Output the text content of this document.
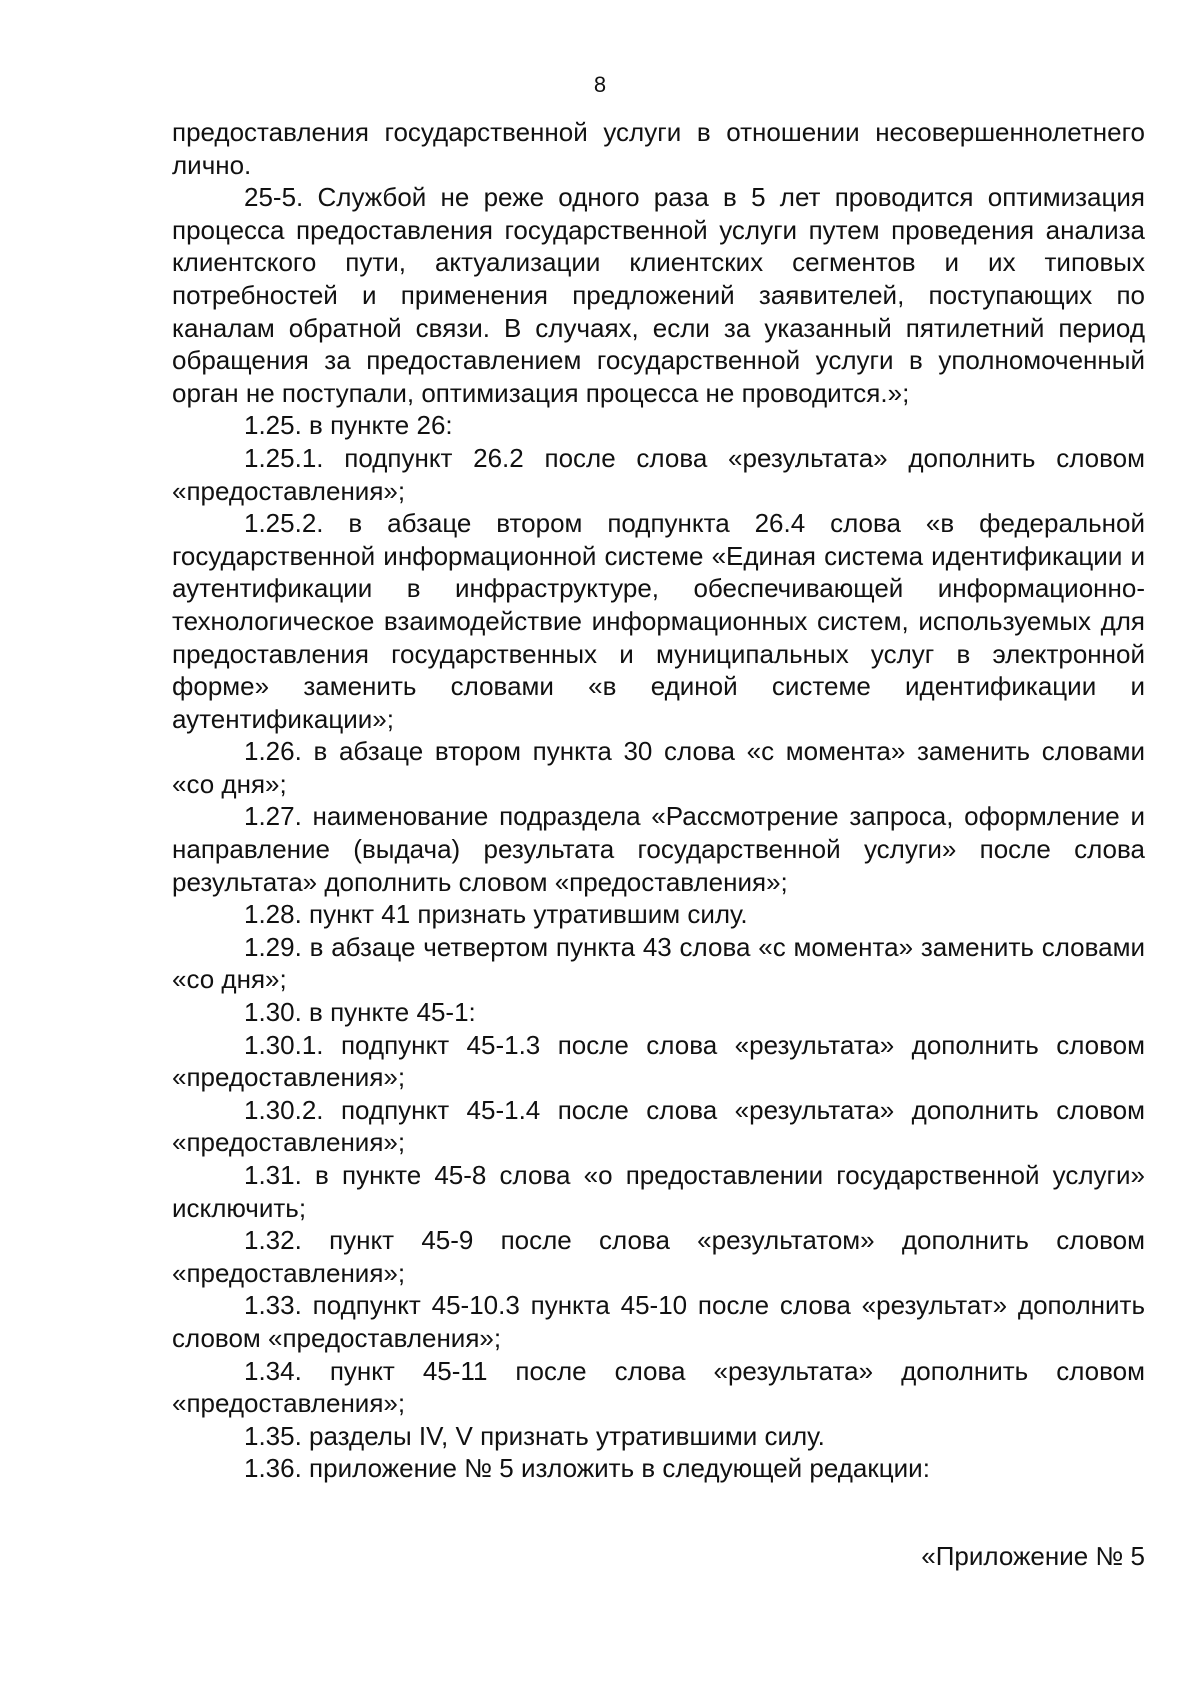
8

предоставления государственной услуги в отношении несовершеннолетнего лично.

25-5. Службой не реже одного раза в 5 лет проводится оптимизация процесса предоставления государственной услуги путем проведения анализа клиентского пути, актуализации клиентских сегментов и их типовых потребностей и применения предложений заявителей, поступающих по каналам обратной связи. В случаях, если за указанный пятилетний период обращения за предоставлением государственной услуги в уполномоченный орган не поступали, оптимизация процесса не проводится.»;

1.25. в пункте 26:

1.25.1. подпункт 26.2 после слова «результата» дополнить словом «предоставления»;

1.25.2. в абзаце втором подпункта 26.4 слова «в федеральной государственной информационной системе «Единая система идентификации и аутентификации в инфраструктуре, обеспечивающей информационно-технологическое взаимодействие информационных систем, используемых для предоставления государственных и муниципальных услуг в электронной форме» заменить словами «в единой системе идентификации и аутентификации»;

1.26. в абзаце втором пункта 30 слова «с момента» заменить словами «со дня»;

1.27. наименование подраздела «Рассмотрение запроса, оформление и направление (выдача) результата государственной услуги» после слова результата» дополнить словом «предоставления»;

1.28. пункт 41 признать утратившим силу.

1.29. в абзаце четвертом пункта 43 слова «с момента» заменить словами «со дня»;

1.30. в пункте 45-1:

1.30.1. подпункт 45-1.3 после слова «результата» дополнить словом «предоставления»;

1.30.2. подпункт 45-1.4 после слова «результата» дополнить словом «предоставления»;

1.31. в пункте 45-8 слова «о предоставлении государственной услуги» исключить;

1.32. пункт 45-9 после слова «результатом» дополнить словом «предоставления»;

1.33. подпункт 45-10.3 пункта 45-10 после слова «результат» дополнить словом «предоставления»;

1.34. пункт 45-11 после слова «результата» дополнить словом «предоставления»;

1.35. разделы IV, V признать утратившими силу.

1.36. приложение № 5 изложить в следующей редакции:

«Приложение № 5
